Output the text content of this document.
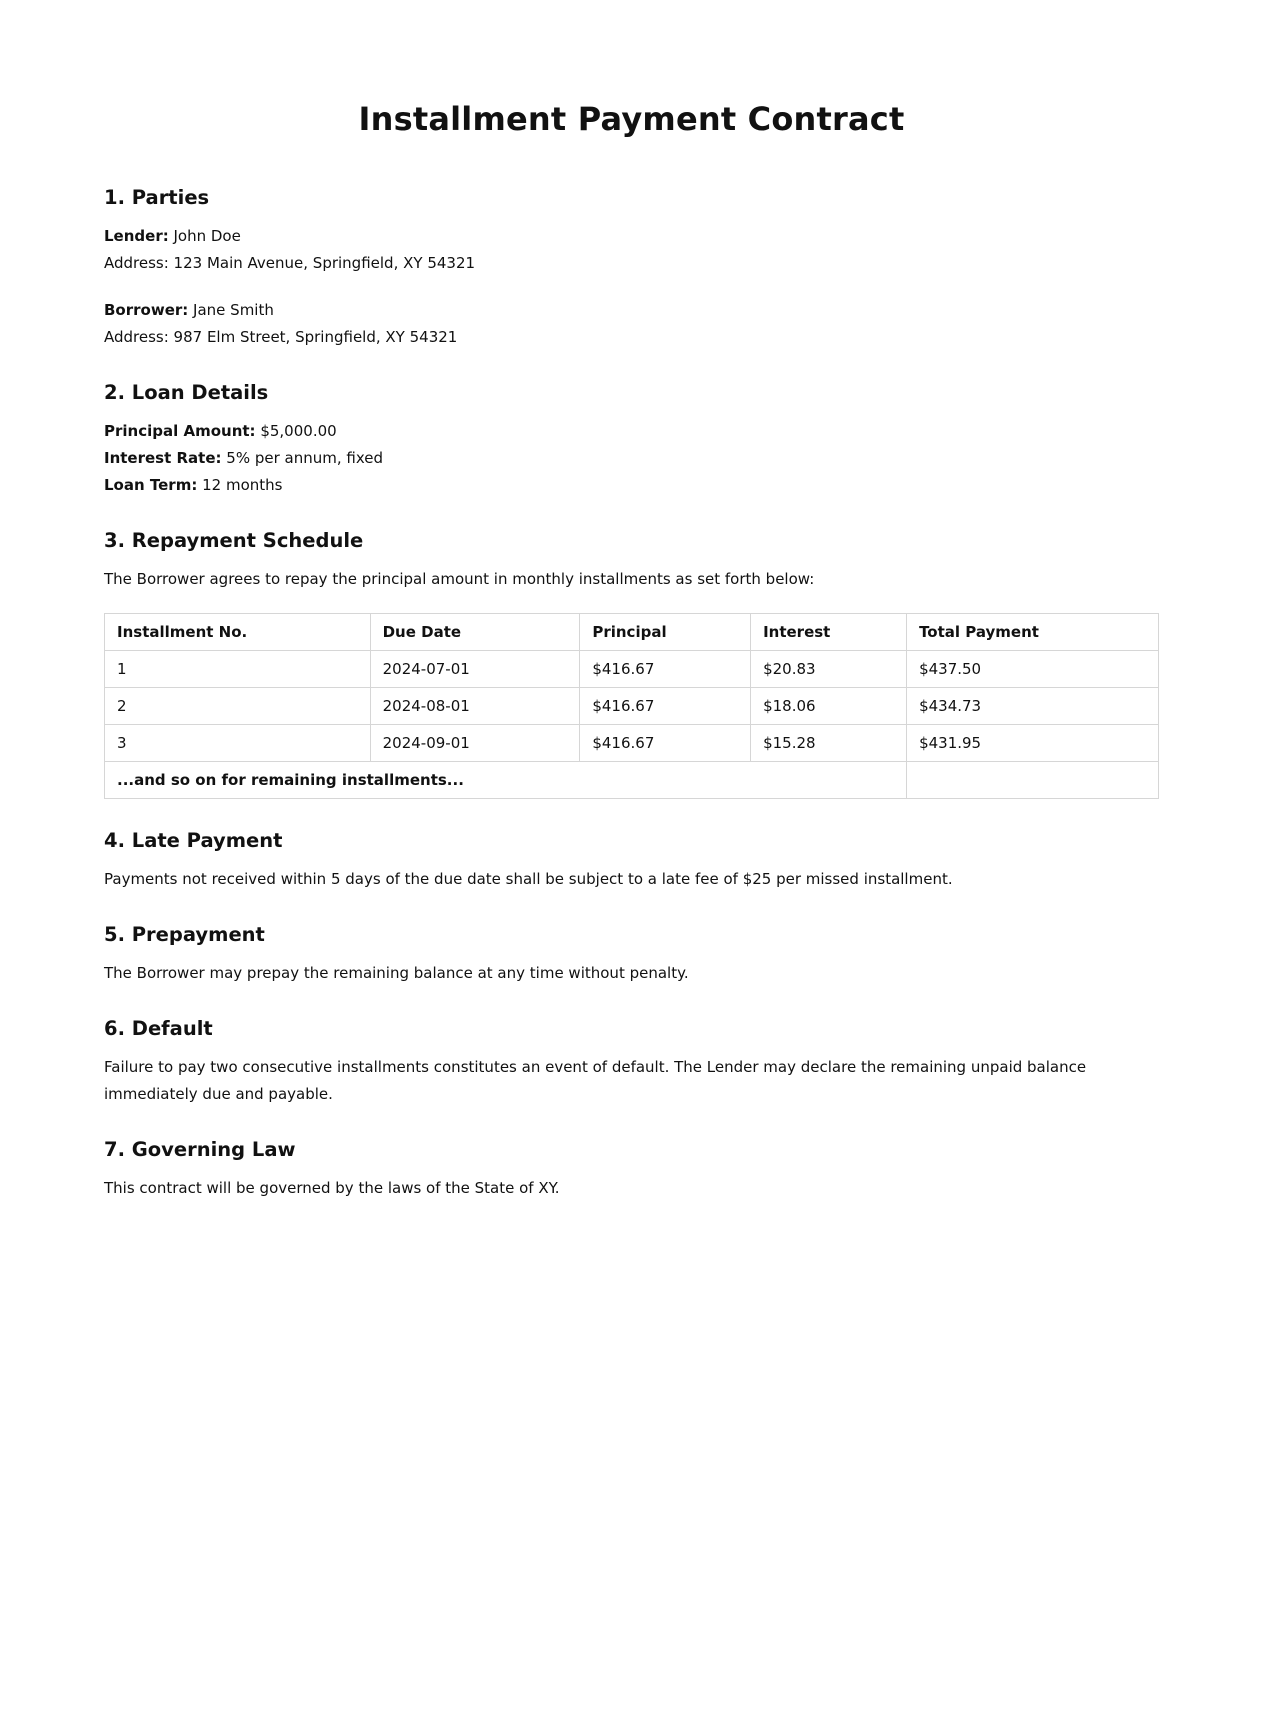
Installment Payment Contract
1. Parties
Lender: John Doe
Address: 123 Main Avenue, Springfield, XY 54321
Borrower: Jane Smith
Address: 987 Elm Street, Springfield, XY 54321
2. Loan Details
Principal Amount: $5,000.00
Interest Rate: 5% per annum, fixed
Loan Term: 12 months
3. Repayment Schedule

The Borrower agrees to repay the principal amount in monthly installments as set forth below:

Installment No.	Due Date	Principal	Interest	Total Payment
1	2024-07-01	$416.67	$20.83	$437.50
2	2024-08-01	$416.67	$18.06	$434.73
3	2024-09-01	$416.67	$15.28	$431.95
...and so on for remaining installments...				
4. Late Payment

Payments not received within 5 days of the due date shall be subject to a late fee of $25 per missed installment.

5. Prepayment

The Borrower may prepay the remaining balance at any time without penalty.

6. Default

Failure to pay two consecutive installments constitutes an event of default. The Lender may declare the remaining unpaid balance immediately due and payable.

7. Governing Law

This contract will be governed by the laws of the State of XY.
